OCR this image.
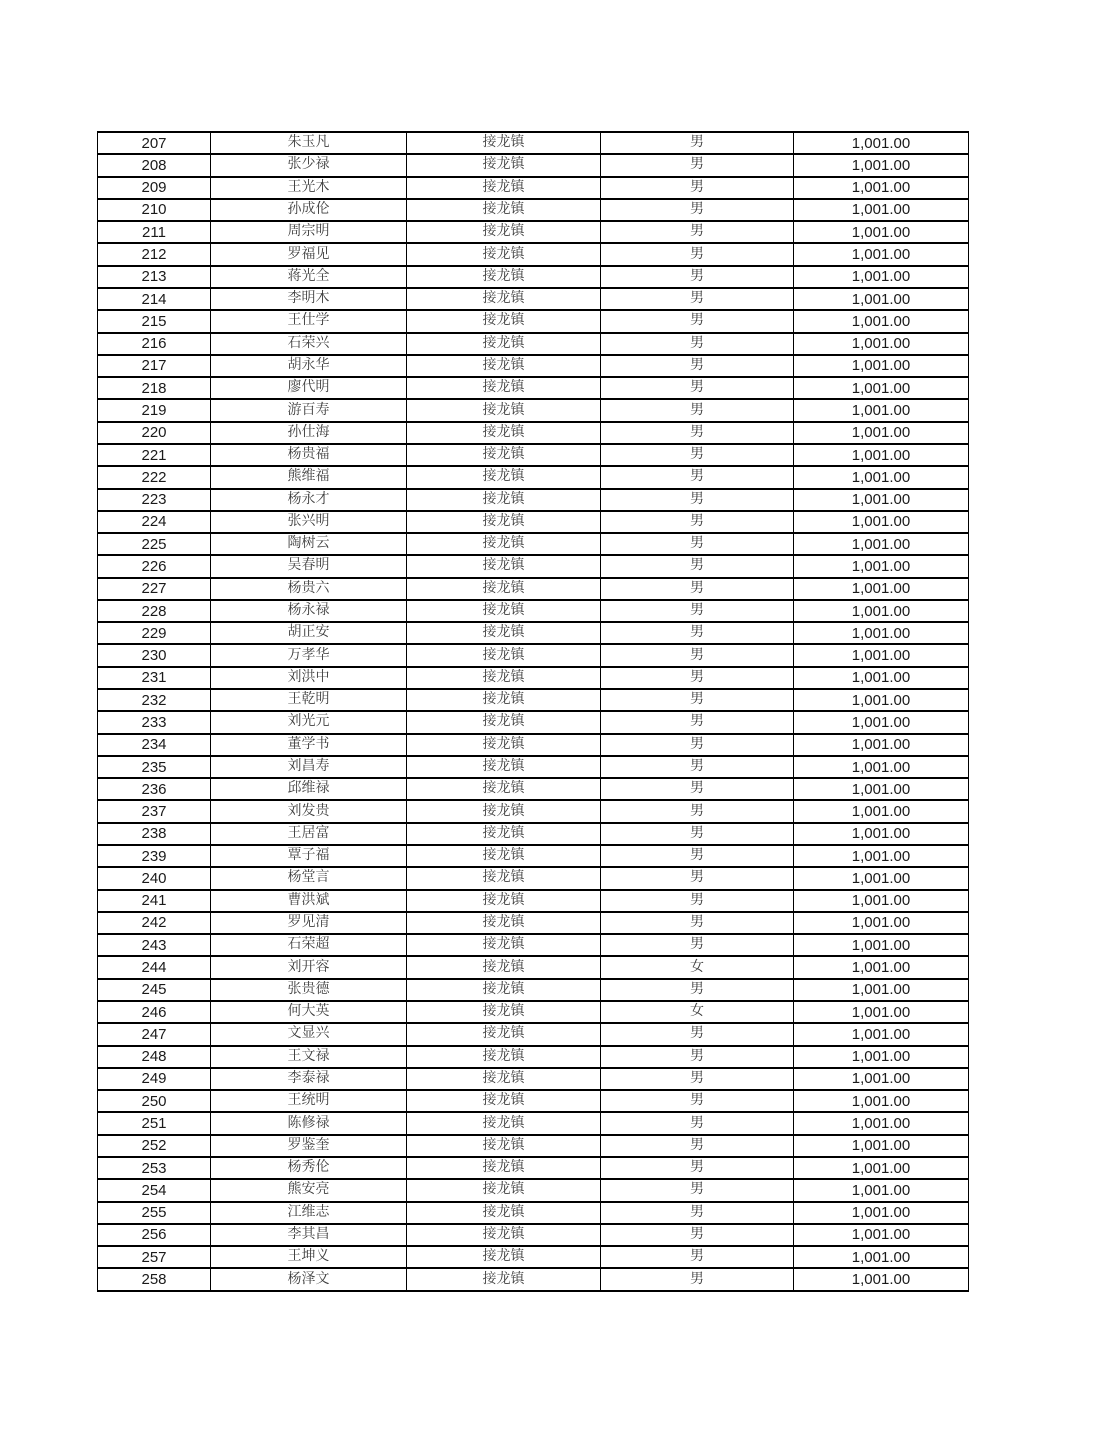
207	朱玉凡	接龙镇	男	1,001.00
208	张少禄	接龙镇	男	1,001.00
209	王光木	接龙镇	男	1,001.00
210	孙成伦	接龙镇	男	1,001.00
211	周宗明	接龙镇	男	1,001.00
212	罗福见	接龙镇	男	1,001.00
213	蒋光全	接龙镇	男	1,001.00
214	李明木	接龙镇	男	1,001.00
215	王仕学	接龙镇	男	1,001.00
216	石荣兴	接龙镇	男	1,001.00
217	胡永华	接龙镇	男	1,001.00
218	廖代明	接龙镇	男	1,001.00
219	游百寿	接龙镇	男	1,001.00
220	孙仕海	接龙镇	男	1,001.00
221	杨贵福	接龙镇	男	1,001.00
222	熊维福	接龙镇	男	1,001.00
223	杨永才	接龙镇	男	1,001.00
224	张兴明	接龙镇	男	1,001.00
225	陶树云	接龙镇	男	1,001.00
226	吴春明	接龙镇	男	1,001.00
227	杨贵六	接龙镇	男	1,001.00
228	杨永禄	接龙镇	男	1,001.00
229	胡正安	接龙镇	男	1,001.00
230	万孝华	接龙镇	男	1,001.00
231	刘洪中	接龙镇	男	1,001.00
232	王乾明	接龙镇	男	1,001.00
233	刘光元	接龙镇	男	1,001.00
234	董学书	接龙镇	男	1,001.00
235	刘昌寿	接龙镇	男	1,001.00
236	邱维禄	接龙镇	男	1,001.00
237	刘发贵	接龙镇	男	1,001.00
238	王居富	接龙镇	男	1,001.00
239	覃子福	接龙镇	男	1,001.00
240	杨堂言	接龙镇	男	1,001.00
241	曹洪斌	接龙镇	男	1,001.00
242	罗见清	接龙镇	男	1,001.00
243	石荣超	接龙镇	男	1,001.00
244	刘开容	接龙镇	女	1,001.00
245	张贵德	接龙镇	男	1,001.00
246	何大英	接龙镇	女	1,001.00
247	文显兴	接龙镇	男	1,001.00
248	王文禄	接龙镇	男	1,001.00
249	李泰禄	接龙镇	男	1,001.00
250	王统明	接龙镇	男	1,001.00
251	陈修禄	接龙镇	男	1,001.00
252	罗鉴奎	接龙镇	男	1,001.00
253	杨秀伦	接龙镇	男	1,001.00
254	熊安亮	接龙镇	男	1,001.00
255	江维志	接龙镇	男	1,001.00
256	李其昌	接龙镇	男	1,001.00
257	王坤义	接龙镇	男	1,001.00
258	杨泽文	接龙镇	男	1,001.00
